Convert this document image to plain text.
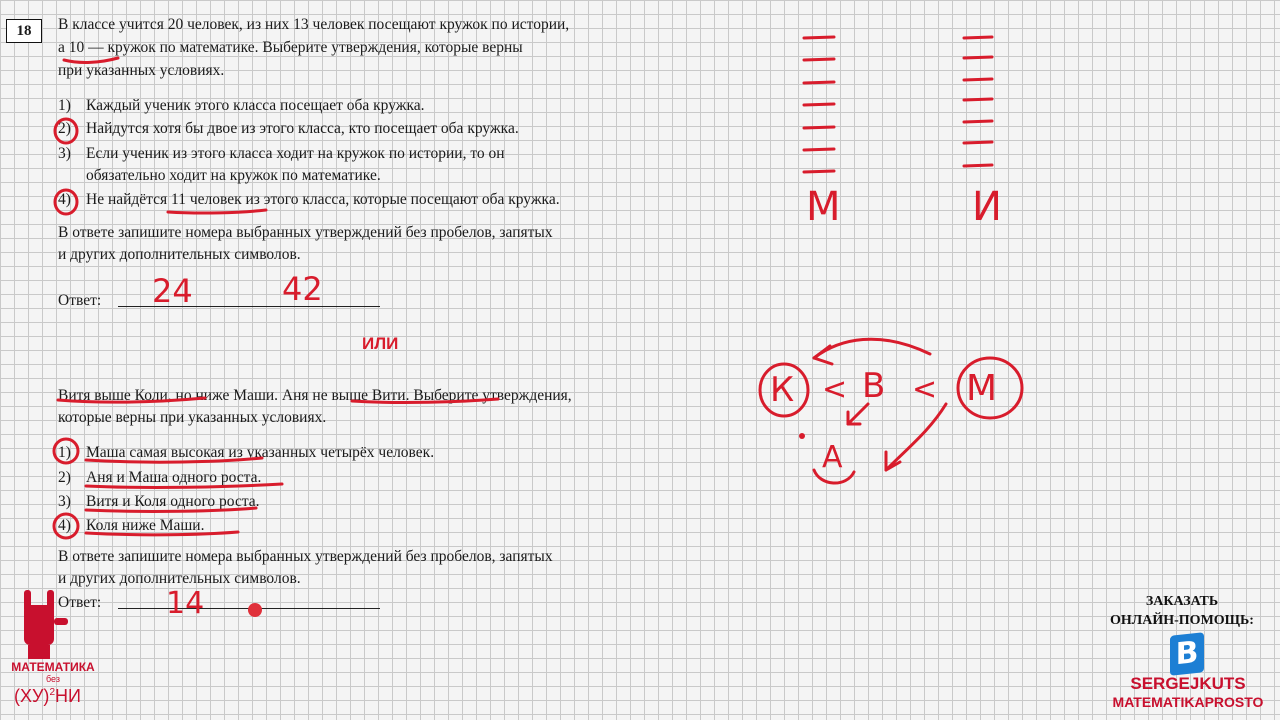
18	В классе учится 20 человек, из них 13 человек посещают кружок по истории,
а 10 — кружок по математике. Выберите утверждения, которые верны
при указанных условиях.
1) Каждый ученик этого класса посещает оба кружка.
2) Найдутся хотя бы двое из этого класса, кто посещает оба кружка.
3) Если ученик из этого класса ходит на кружок по истории, то он
обязательно ходит на кружок по математике.
4) Не найдётся 11 человек из этого класса, которые посещают оба кружка.
В ответе запишите номера выбранных утверждений без пробелов, запятых
и других дополнительных символов.
Ответ: 24	42
ИЛИ
Витя выше Коли, но ниже Маши. Аня не выше Вити. Выберите утверждения,
которые верны при указанных условиях.
1) Маша самая высокая из указанных четырёх человек.
2) Аня и Маша одного роста.
3) Витя и Коля одного роста.
4) Коля ниже Маши.
В ответе запишите номера выбранных утверждений без пробелов, запятых
и других дополнительных символов.
Ответ: 14
М	И
К < В < М
А
ЗАКАЗАТЬ
ОНЛАЙН-ПОМОЩЬ:
B
SERGEJKUTS
MATEMATIKAPROSTO
МАТЕМАТИКА
без
(ХУ)$^2$НИ
